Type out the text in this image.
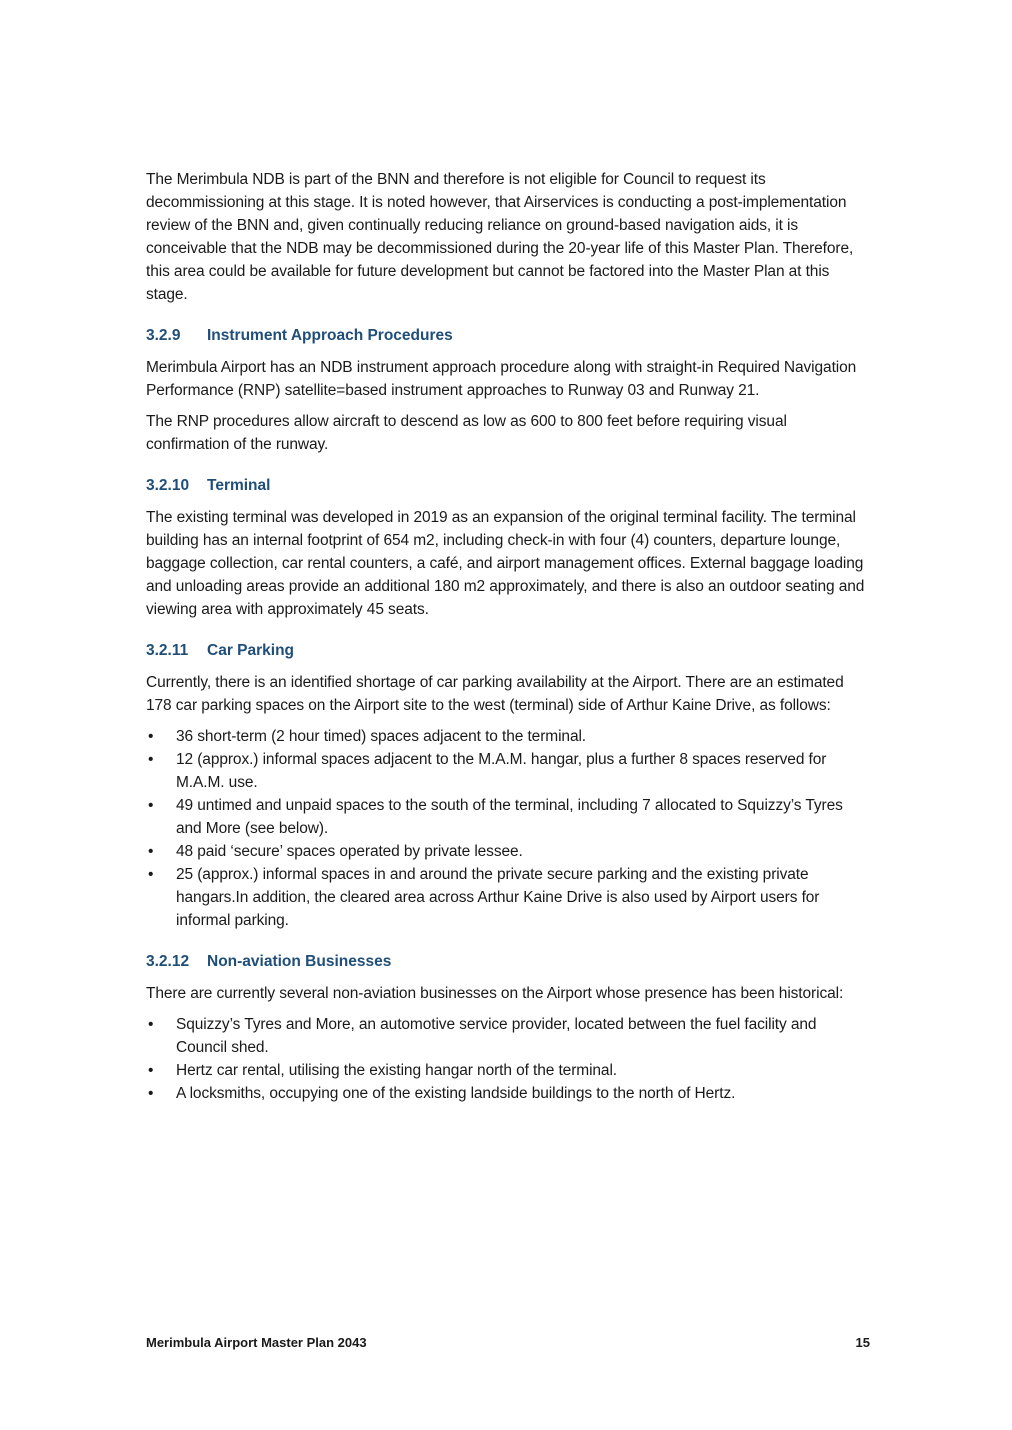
The Merimbula NDB is part of the BNN and therefore is not eligible for Council to request its decommissioning at this stage. It is noted however, that Airservices is conducting a post-implementation review of the BNN and, given continually reducing reliance on ground-based navigation aids, it is conceivable that the NDB may be decommissioned during the 20-year life of this Master Plan. Therefore, this area could be available for future development but cannot be factored into the Master Plan at this stage.

3.2.9 Instrument Approach Procedures

Merimbula Airport has an NDB instrument approach procedure along with straight-in Required Navigation Performance (RNP) satellite=based instrument approaches to Runway 03 and Runway 21.

The RNP procedures allow aircraft to descend as low as 600 to 800 feet before requiring visual confirmation of the runway.

3.2.10 Terminal

The existing terminal was developed in 2019 as an expansion of the original terminal facility. The terminal building has an internal footprint of 654 m2, including check-in with four (4) counters, departure lounge, baggage collection, car rental counters, a café, and airport management offices. External baggage loading and unloading areas provide an additional 180 m2 approximately, and there is also an outdoor seating and viewing area with approximately 45 seats.

3.2.11 Car Parking

Currently, there is an identified shortage of car parking availability at the Airport. There are an estimated 178 car parking spaces on the Airport site to the west (terminal) side of Arthur Kaine Drive, as follows:

• 36 short-term (2 hour timed) spaces adjacent to the terminal.
• 12 (approx.) informal spaces adjacent to the M.A.M. hangar, plus a further 8 spaces reserved for M.A.M. use.
• 49 untimed and unpaid spaces to the south of the terminal, including 7 allocated to Squizzy’s Tyres and More (see below).
• 48 paid ‘secure’ spaces operated by private lessee.
• 25 (approx.) informal spaces in and around the private secure parking and the existing private hangars.In addition, the cleared area across Arthur Kaine Drive is also used by Airport users for informal parking.
3.2.12 Non-aviation Businesses

There are currently several non-aviation businesses on the Airport whose presence has been historical:

• Squizzy’s Tyres and More, an automotive service provider, located between the fuel facility and Council shed.
• Hertz car rental, utilising the existing hangar north of the terminal.
• A locksmiths, occupying one of the existing landside buildings to the north of Hertz.
Merimbula Airport Master Plan 2043	15
